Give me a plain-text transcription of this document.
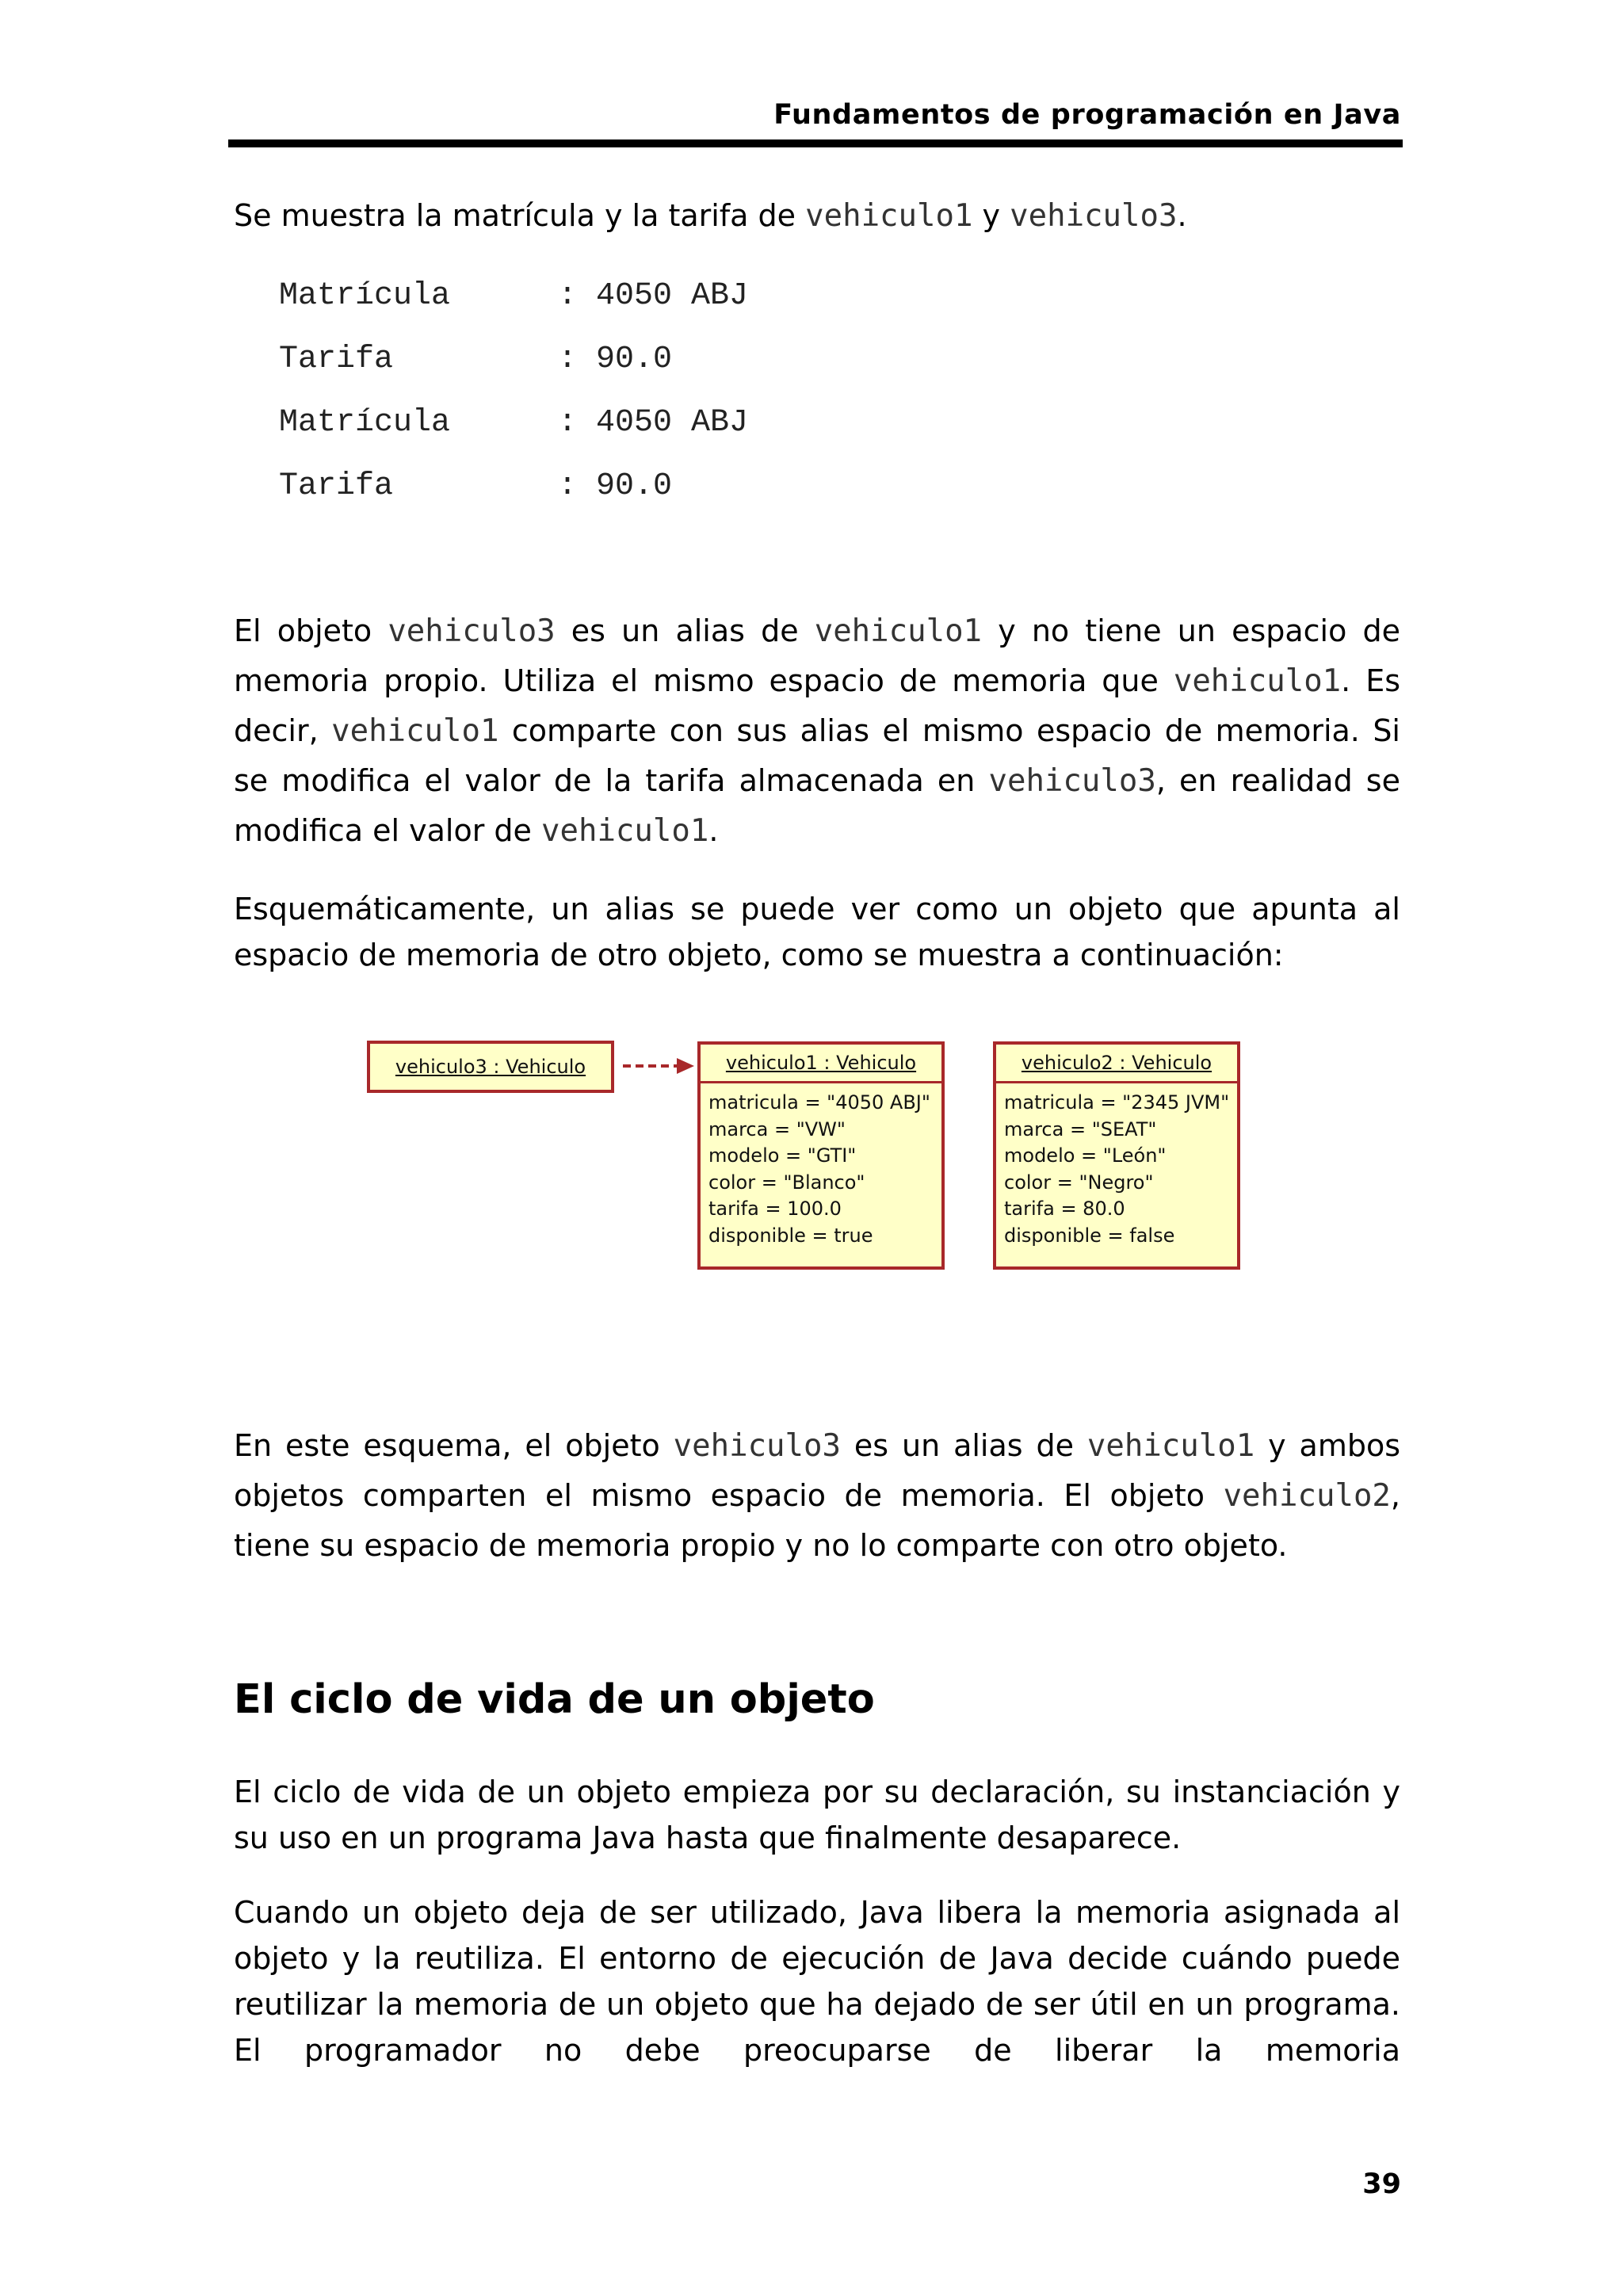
Fundamentos de programación en Java
Se muestra la matrícula y la tarifa de vehiculo1 y vehiculo3.
Matrícula	: 4050 ABJ
Tarifa	: 90.0
Matrícula	: 4050 ABJ
Tarifa	: 90.0
El objeto vehiculo3 es un alias de vehiculo1 y no tiene un espacio de memoria propio. Utiliza el mismo espacio de memoria que vehiculo1. Es decir, vehiculo1 comparte con sus alias el mismo espacio de memoria. Si se modifica el valor de la tarifa almacenada en vehiculo3, en realidad se modifica el valor de vehiculo1.
Esquemáticamente, un alias se puede ver como un objeto que apunta al espacio de memoria de otro objeto, como se muestra a continuación:
vehiculo3 : Vehiculo	vehiculo1 : Vehiculo
matricula = "4050 ABJ"
marca = "VW"
modelo = "GTI"
color = "Blanco"
tarifa = 100.0
disponible = true
vehiculo2 : Vehiculo
matricula = "2345 JVM"
marca = "SEAT"
modelo = "León"
color = "Negro"
tarifa = 80.0
disponible = false
En este esquema, el objeto vehiculo3 es un alias de vehiculo1 y ambos objetos comparten el mismo espacio de memoria. El objeto vehiculo2, tiene su espacio de memoria propio y no lo comparte con otro objeto.
El ciclo de vida de un objeto
El ciclo de vida de un objeto empieza por su declaración, su instanciación y su uso en un programa Java hasta que finalmente desaparece.
Cuando un objeto deja de ser utilizado, Java libera la memoria asignada al objeto y la reutiliza. El entorno de ejecución de Java decide cuándo puede reutilizar la memoria de un objeto que ha dejado de ser útil en un programa. El programador no debe preocuparse de liberar la memoria
39
